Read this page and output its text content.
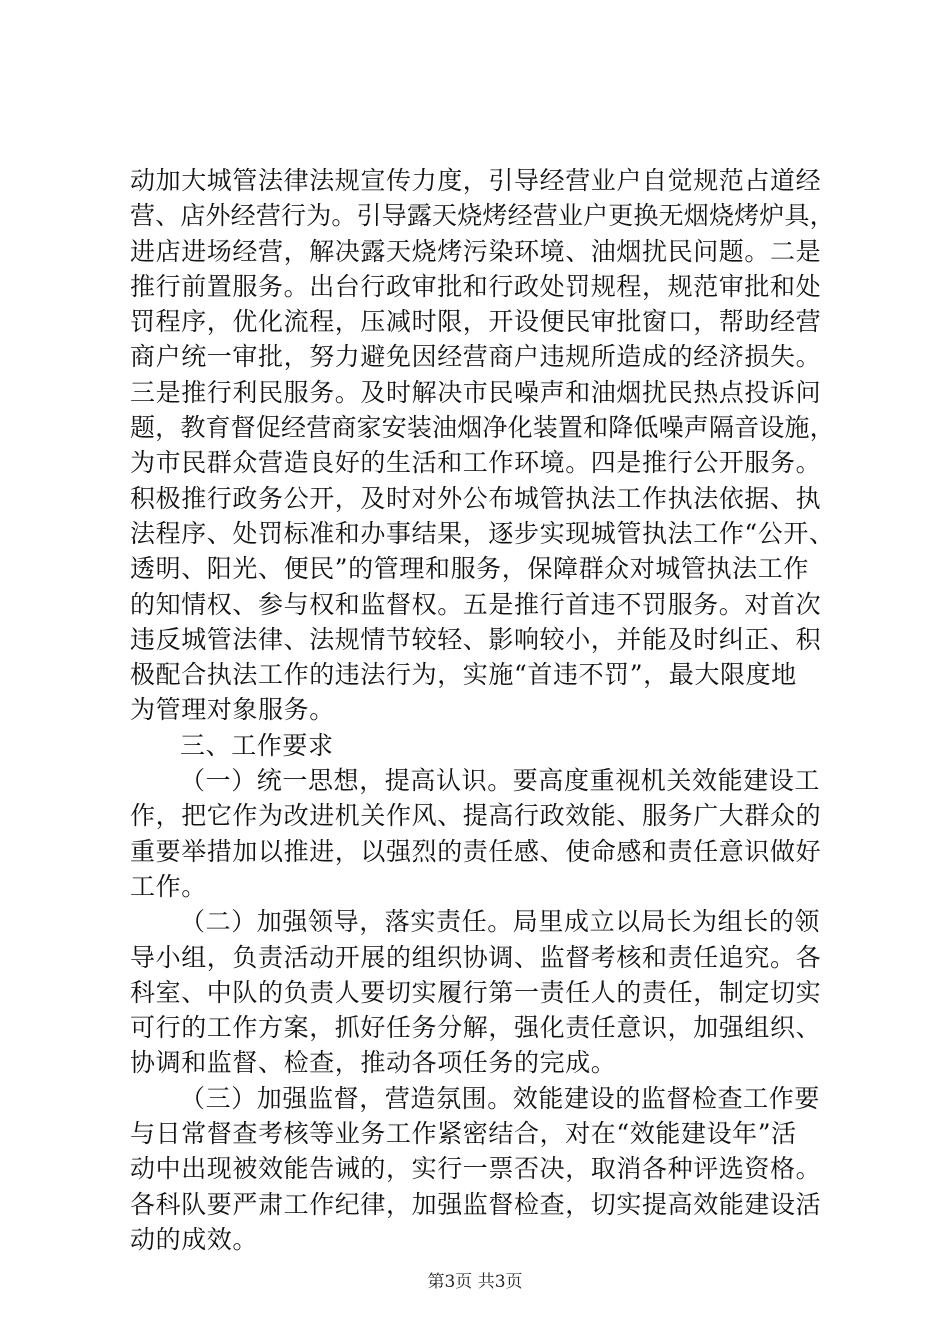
动加大城管法律法规宣传力度，引导经营业户自觉规范占道经
营、店外经营行为。引导露天烧烤经营业户更换无烟烧烤炉具，
进店进场经营，解决露天烧烤污染环境、油烟扰民问题。二是
推行前置服务。出台行政审批和行政处罚规程，规范审批和处
罚程序，优化流程，压减时限，开设便民审批窗口，帮助经营
商户统一审批，努力避免因经营商户违规所造成的经济损失。
三是推行利民服务。及时解决市民噪声和油烟扰民热点投诉问
题，教育督促经营商家安装油烟净化装置和降低噪声隔音设施，
为市民群众营造良好的生活和工作环境。四是推行公开服务。
积极推行政务公开，及时对外公布城管执法工作执法依据、执
法程序、处罚标准和办事结果，逐步实现城管执法工作“公开、
透明、阳光、便民”的管理和服务，保障群众对城管执法工作
的知情权、参与权和监督权。五是推行首违不罚服务。对首次
违反城管法律、法规情节较轻、影响较小，并能及时纠正、积
极配合执法工作的违法行为，实施“首违不罚”，最大限度地
为管理对象服务。
三、工作要求
（一）统一思想，提高认识。要高度重视机关效能建设工
作，把它作为改进机关作风、提高行政效能、服务广大群众的
重要举措加以推进，以强烈的责任感、使命感和责任意识做好
工作。
（二）加强领导，落实责任。局里成立以局长为组长的领
导小组，负责活动开展的组织协调、监督考核和责任追究。各
科室、中队的负责人要切实履行第一责任人的责任，制定切实
可行的工作方案，抓好任务分解，强化责任意识，加强组织、
协调和监督、检查，推动各项任务的完成。
（三）加强监督，营造氛围。效能建设的监督检查工作要
与日常督查考核等业务工作紧密结合，对在“效能建设年”活
动中出现被效能告诫的，实行一票否决，取消各种评选资格。
各科队要严肃工作纪律，加强监督检查，切实提高效能建设活
动的成效。
第3页 共3页
